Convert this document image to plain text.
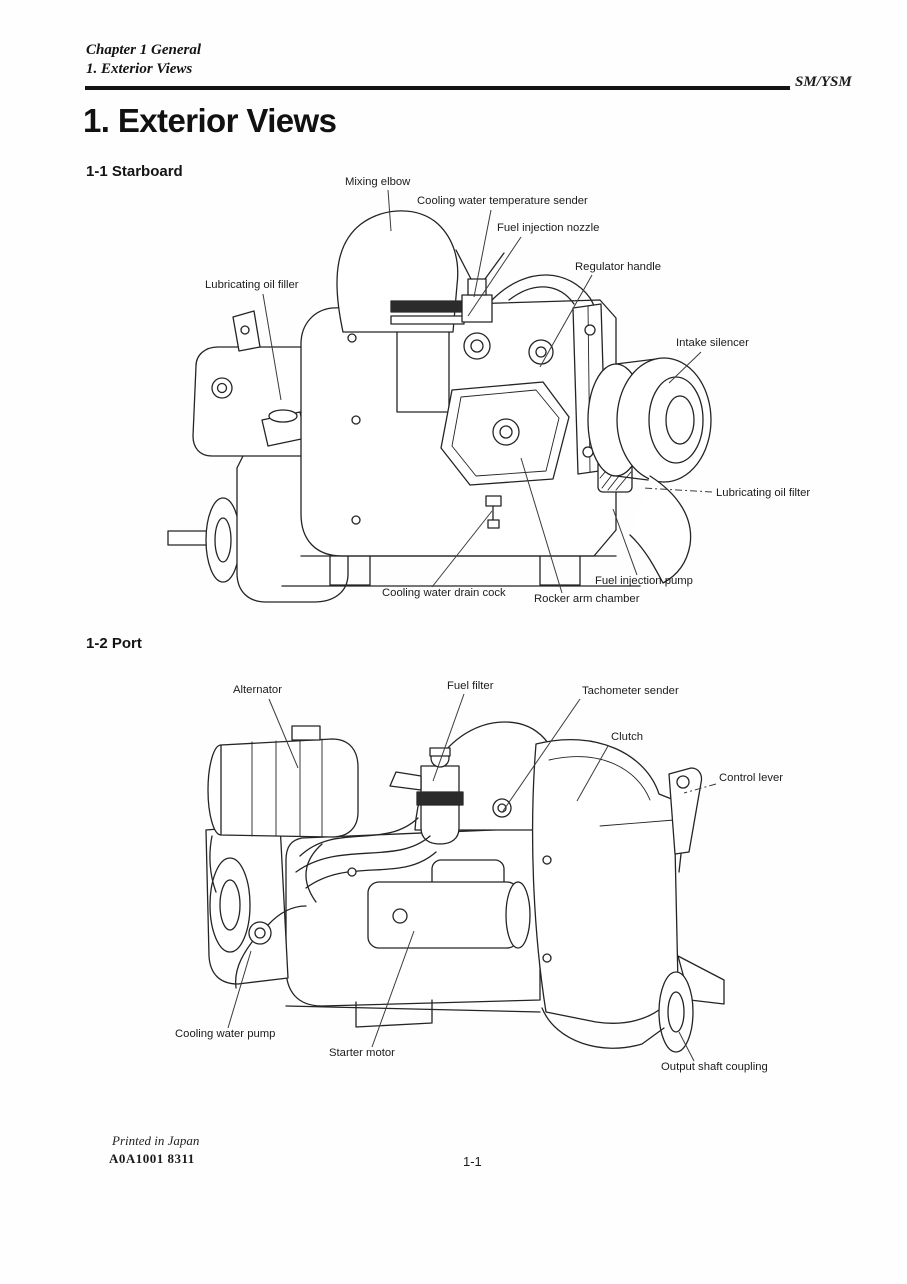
Chapter 1 General
1. Exterior Views
SM/YSM
1. Exterior Views
1-1 Starboard
1-2 Port
Mixing elbow
Cooling water temperature sender
Fuel injection nozzle
Regulator handle
Lubricating oil filler
Intake silencer
Lubricating oil filter
Fuel injection pump
Cooling water drain cock	Rocker arm chamber
Alternator	Fuel filter	Tachometer sender
Clutch
Control lever
Cooling water pump
Starter motor
Output shaft coupling
Printed in Japan
A0A1001 8311	1-1
